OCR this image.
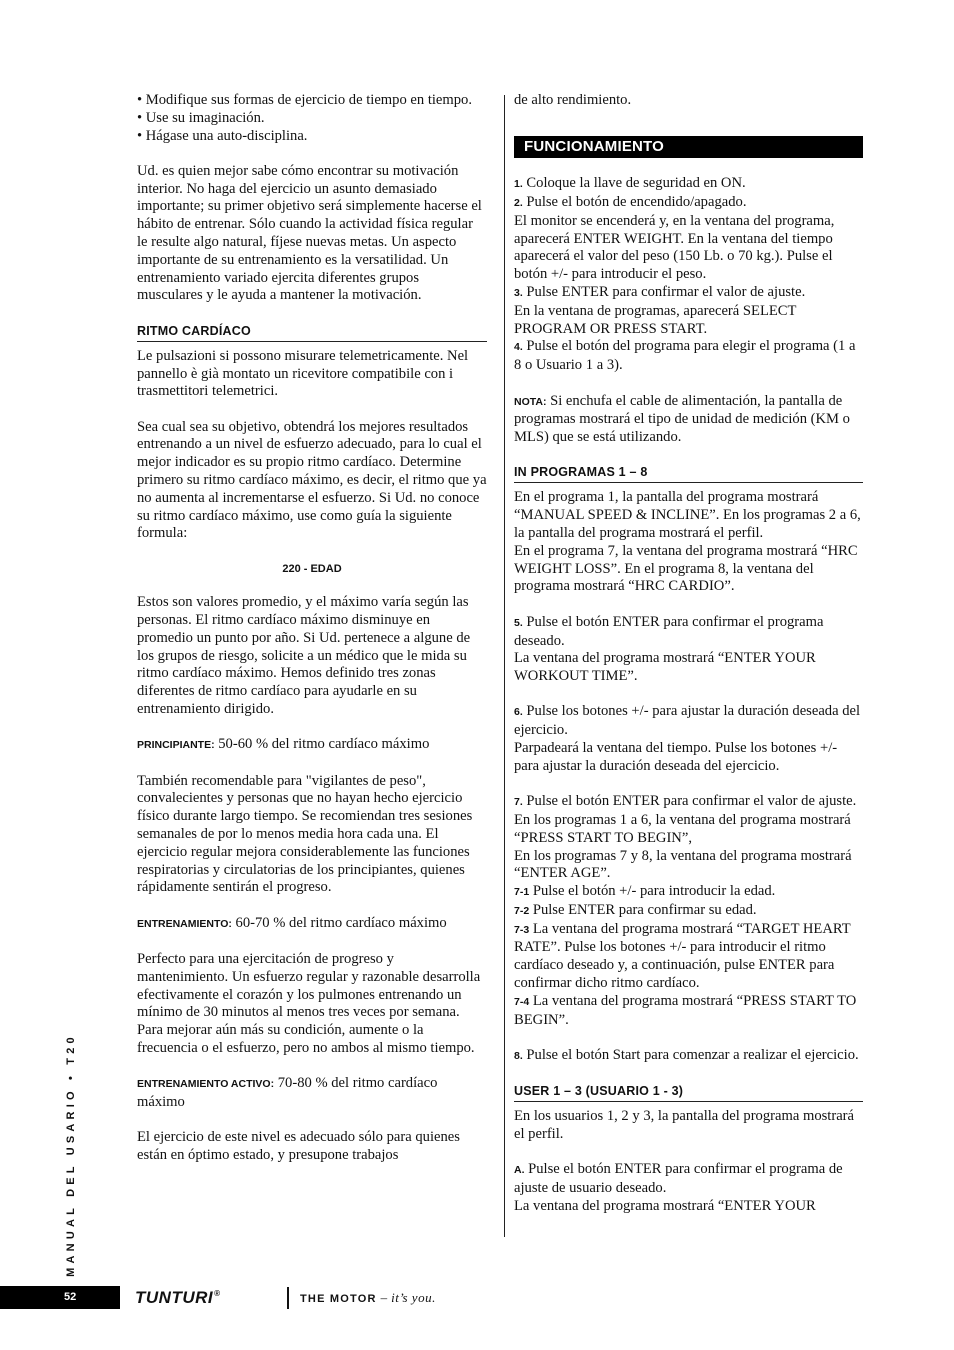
• Modifique sus formas de ejercicio de tiempo en tiempo.

• Use su imaginación.

• Hágase una auto-disciplina.

Ud. es quien mejor sabe cómo encontrar su motivación interior. No haga del ejercicio un asunto demasiado importante; su primer objetivo será simplemente hacerse el hábito de entrenar. Sólo cuando la actividad física regular le resulte algo natural, fíjese nuevas metas. Un aspecto importante de su entrenamiento es la versatilidad. Un entrenamiento variado ejercita diferentes grupos musculares y le ayuda a mantener la motivación.

RITMO CARDÍACO

Le pulsazioni si possono misurare telemetricamente. Nel pannello è già montato un ricevitore compatibile con i trasmettitori telemetrici.

Sea cual sea su objetivo, obtendrá los mejores resultados entrenando a un nivel de esfuerzo adecuado, para lo cual el mejor indicador es su propio ritmo cardíaco. Determine primero su ritmo cardíaco máximo, es decir, el ritmo que ya no aumenta al incrementarse el esfuerzo. Si Ud. no conoce su ritmo cardíaco máximo, use como guía la siguiente formula:

220 - EDAD

Estos son valores promedio, y el máximo varía según las personas. El ritmo cardíaco máximo disminuye en promedio un punto por año. Si Ud. pertenece a algune de los grupos de riesgo, solicite a un médico que le mida su ritmo cardíaco máximo. Hemos definido tres zonas diferentes de ritmo cardíaco para ayudarle en su entrenamiento dirigido.

PRINCIPIANTE: 50-60 % del ritmo cardíaco máximo

También recomendable para "vigilantes de peso", convalecientes y personas que no hayan hecho ejercicio físico durante largo tiempo. Se recomiendan tres sesiones semanales de por lo menos media hora cada una. El ejercicio regular mejora considerablemente las funciones respiratorias y circulatorias de los principiantes, quienes rápidamente sentirán el progreso.

ENTRENAMIENTO: 60-70 % del ritmo cardíaco máximo

Perfecto para una ejercitación de progreso y mantenimiento. Un esfuerzo regular y razonable desarrolla efectivamente el corazón y los pulmones entrenando un mínimo de 30 minutos al menos tres veces por semana. Para mejorar aún más su condición, aumente o la frecuencia o el esfuerzo, pero no ambos al mismo tiempo.

ENTRENAMIENTO ACTIVO: 70-80 % del ritmo cardíaco máximo

El ejercicio de este nivel es adecuado sólo para quienes están en óptimo estado, y presupone trabajos

de alto rendimiento.

FUNCIONAMIENTO

1. Coloque la llave de seguridad en ON.

2. Pulse el botón de encendido/apagado.

El monitor se encenderá y, en la ventana del programa, aparecerá ENTER WEIGHT. En la ventana del tiempo aparecerá el valor del peso (150 Lb. o 70 kg.). Pulse el botón +/- para introducir el peso.

3. Pulse ENTER para confirmar el valor de ajuste.

En la ventana de programas, aparecerá SELECT PROGRAM OR PRESS START.

4. Pulse el botón del programa para elegir el programa (1 a 8 o Usuario 1 a 3).

NOTA: Si enchufa el cable de alimentación, la pantalla de programas mostrará el tipo de unidad de medición (KM o MLS) que se está utilizando.

IN PROGRAMAS 1 – 8

En el programa 1, la pantalla del programa mostrará “MANUAL SPEED & INCLINE”. En los programas 2 a 6, la pantalla del programa mostrará el perfil.

En el programa 7, la ventana del programa mostrará “HRC WEIGHT LOSS”. En el programa 8, la ventana del programa mostrará “HRC CARDIO”.

5. Pulse el botón ENTER para confirmar el programa deseado.

La ventana del programa mostrará “ENTER YOUR WORKOUT TIME”.

6. Pulse los botones +/- para ajustar la duración deseada del ejercicio.

Parpadeará la ventana del tiempo. Pulse los botones +/- para ajustar la duración deseada del ejercicio.

7. Pulse el botón ENTER para confirmar el valor de ajuste.

En los programas 1 a 6, la ventana del programa mostrará “PRESS START TO BEGIN”,

En los programas 7 y 8, la ventana del programa mostrará “ENTER AGE”.

7-1 Pulse el botón +/- para introducir la edad.

7-2 Pulse ENTER para confirmar su edad.

7-3 La ventana del programa mostrará “TARGET HEART RATE”. Pulse los botones +/- para introducir el ritmo cardíaco deseado y, a continuación, pulse ENTER para confirmar dicho ritmo cardíaco.

7-4 La ventana del programa mostrará “PRESS START TO BEGIN”.

8. Pulse el botón Start para comenzar a realizar el ejercicio.

USER 1 – 3 (USUARIO 1 - 3)

En los usuarios 1, 2 y 3, la pantalla del programa mostrará el perfil.

A. Pulse el botón ENTER para confirmar el programa de ajuste de usuario deseado.

La ventana del programa mostrará “ENTER YOUR

MANUAL DEL USARIO • T20
52	TUNTURI®	THE MOTOR – it’s you.
